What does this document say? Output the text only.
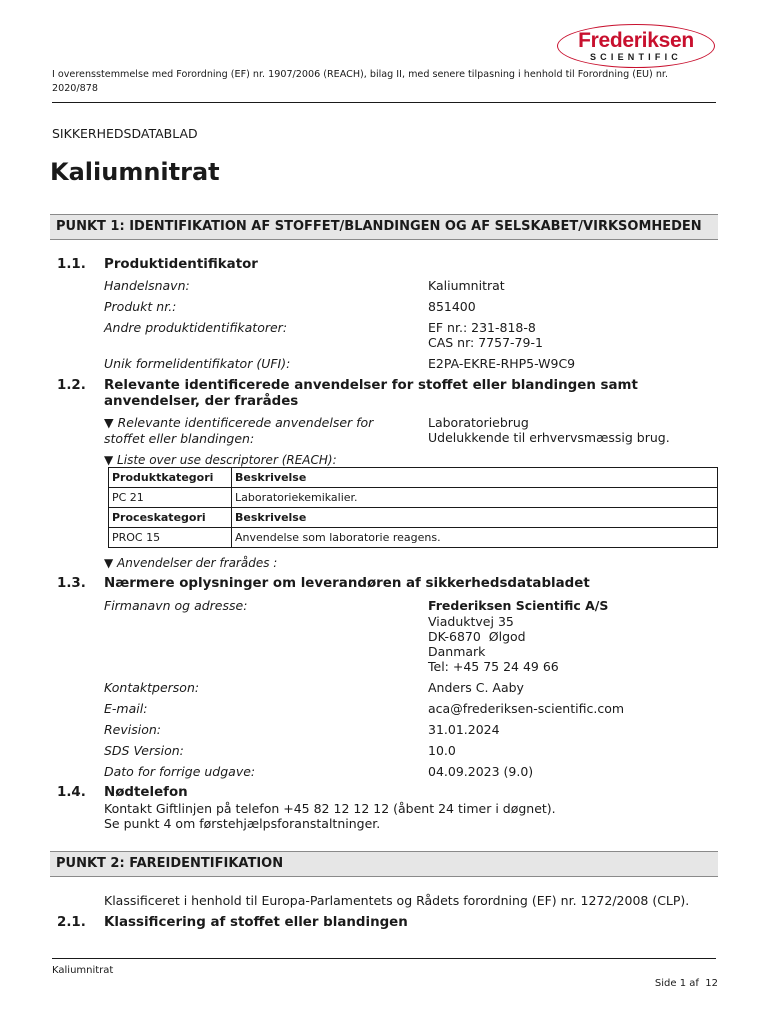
Frederiksen
SCIENTIFIC
I overensstemmelse med Forordning (EF) nr. 1907/2006 (REACH), bilag II, med senere tilpasning i henhold til Forordning (EU) nr. 2020/878
SIKKERHEDSDATABLAD
Kaliumnitrat
PUNKT 1: IDENTIFIKATION AF STOFFET/BLANDINGEN OG AF SELSKABET/VIRKSOMHEDEN
1.1. Produktidentifikator
Handelsnavn:	Kaliumnitrat
Produkt nr.:	851400
Andre produktidentifikatorer:	EF nr.: 231-818-8
CAS nr: 7757-79-1
Unik formelidentifikator (UFI):	E2PA-EKRE-RHP5-W9C9
1.2. Relevante identificerede anvendelser for stoffet eller blandingen samt anvendelser, der frarådes
▼ Relevante identificerede anvendelser for stoffet eller blandingen:
Laboratoriebrug
Udelukkende til erhvervsmæssig brug.
▼ Liste over use descriptorer (REACH):
Produktkategori	Beskrivelse
PC 21	Laboratoriekemikalier.
Proceskategori	Beskrivelse
PROC 15	Anvendelse som laboratorie reagens.
▼ Anvendelser der frarådes :
1.3. Nærmere oplysninger om leverandøren af sikkerhedsdatabladet
Firmanavn og adresse:	Frederiksen Scientific A/S
Viaduktvej 35
DK-6870  Ølgod
Danmark
Tel: +45 75 24 49 66
Kontaktperson:	Anders C. Aaby
E-mail:	aca@frederiksen-scientific.com
Revision:	31.01.2024
SDS Version:	10.0
Dato for forrige udgave:	04.09.2023 (9.0)
1.4. Nødtelefon
Kontakt Giftlinjen på telefon +45 82 12 12 12 (åbent 24 timer i døgnet).
Se punkt 4 om førstehjælpsforanstaltninger.
PUNKT 2: FAREIDENTIFIKATION
Klassificeret i henhold til Europa-Parlamentets og Rådets forordning (EF) nr. 1272/2008 (CLP).
2.1. Klassificering af stoffet eller blandingen
Kaliumnitrat
Side 1 af  12
